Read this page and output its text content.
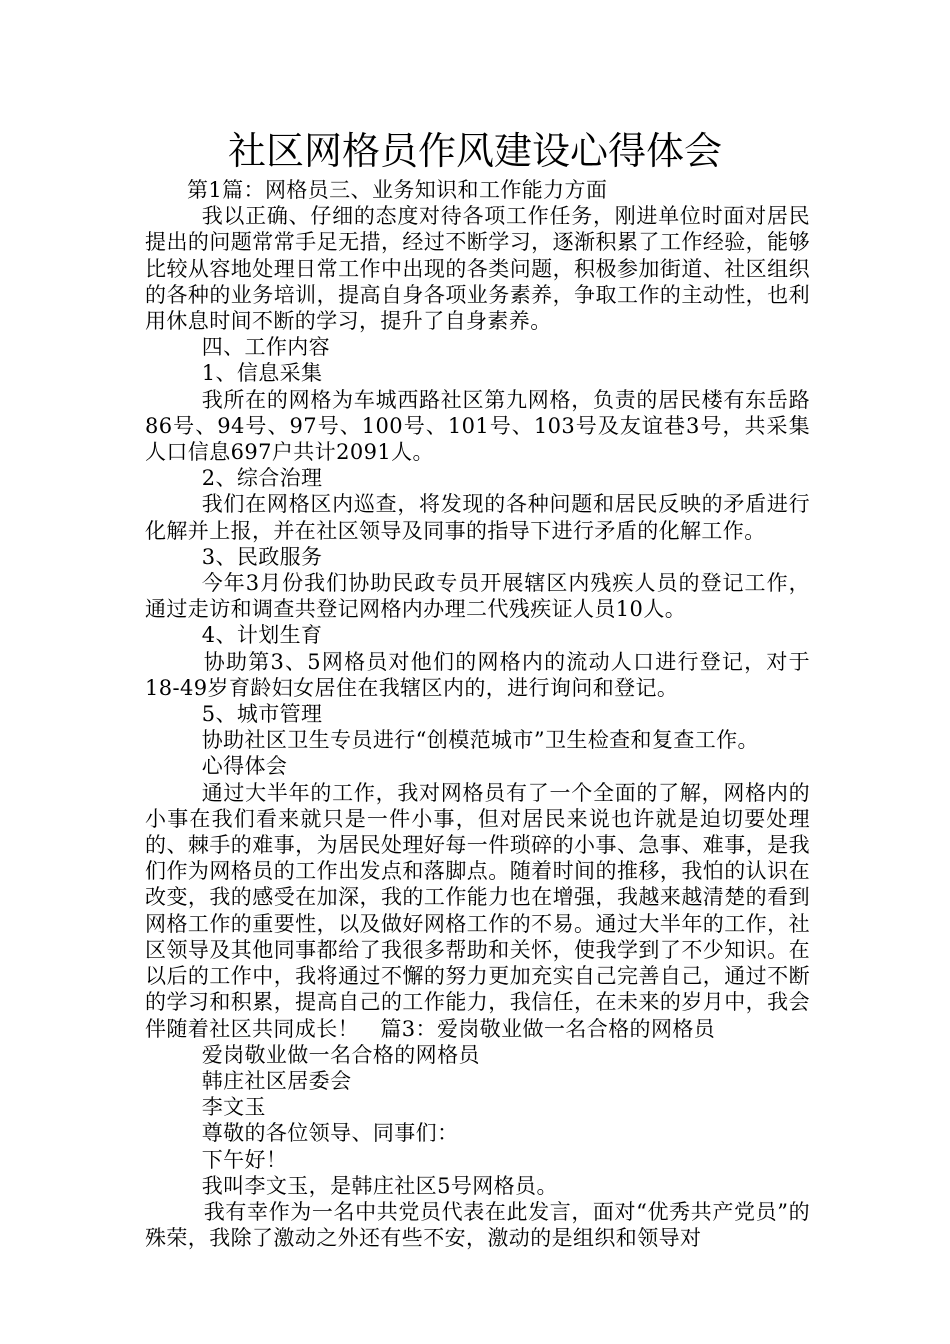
社区网格员作风建设心得体会

第1篇：网格员三、业务知识和工作能力方面

我以正确、仔细的态度对待各项工作任务，刚进单位时面对居民提出的问题常常手足无措，经过不断学习，逐渐积累了工作经验，能够比较从容地处理日常工作中出现的各类问题，积极参加街道、社区组织的各种的业务培训，提高自身各项业务素养，争取工作的主动性，也利用休息时间不断的学习，提升了自身素养。

四、工作内容

1、信息采集

我所在的网格为车城西路社区第九网格，负责的居民楼有东岳路86号、94号、97号、100号、101号、103号及友谊巷3号，共采集人口信息697户共计2091人。

2、综合治理

我们在网格区内巡查，将发现的各种问题和居民反映的矛盾进行化解并上报，并在社区领导及同事的指导下进行矛盾的化解工作。

3、民政服务

今年3月份我们协助民政专员开展辖区内残疾人员的登记工作，通过走访和调查共登记网格内办理二代残疾证人员10人。

4、计划生育

协助第3、5网格员对他们的网格内的流动人口进行登记，对于18-49岁育龄妇女居住在我辖区内的，进行询问和登记。

5、城市管理

协助社区卫生专员进行“创模范城市”卫生检查和复查工作。

心得体会

通过大半年的工作，我对网格员有了一个全面的了解，网格内的小事在我们看来就只是一件小事，但对居民来说也许就是迫切要处理的、棘手的难事，为居民处理好每一件琐碎的小事、急事、难事，是我们作为网格员的工作出发点和落脚点。随着时间的推移，我怕的认识在改变，我的感受在加深，我的工作能力也在增强，我越来越清楚的看到网格工作的重要性，以及做好网格工作的不易。通过大半年的工作，社区领导及其他同事都给了我很多帮助和关怀，使我学到了不少知识。在以后的工作中，我将通过不懈的努力更加充实自己完善自己，通过不断的学习和积累，提高自己的工作能力，我信任，在未来的岁月中，我会伴随着社区共同成长！　篇3：爱岗敬业做一名合格的网格员

爱岗敬业做一名合格的网格员

韩庄社区居委会

李文玉

尊敬的各位领导、同事们：

下午好！

我叫李文玉，是韩庄社区5号网格员。

我有幸作为一名中共党员代表在此发言，面对“优秀共产党员”的殊荣，我除了激动之外还有些不安，激动的是组织和领导对
